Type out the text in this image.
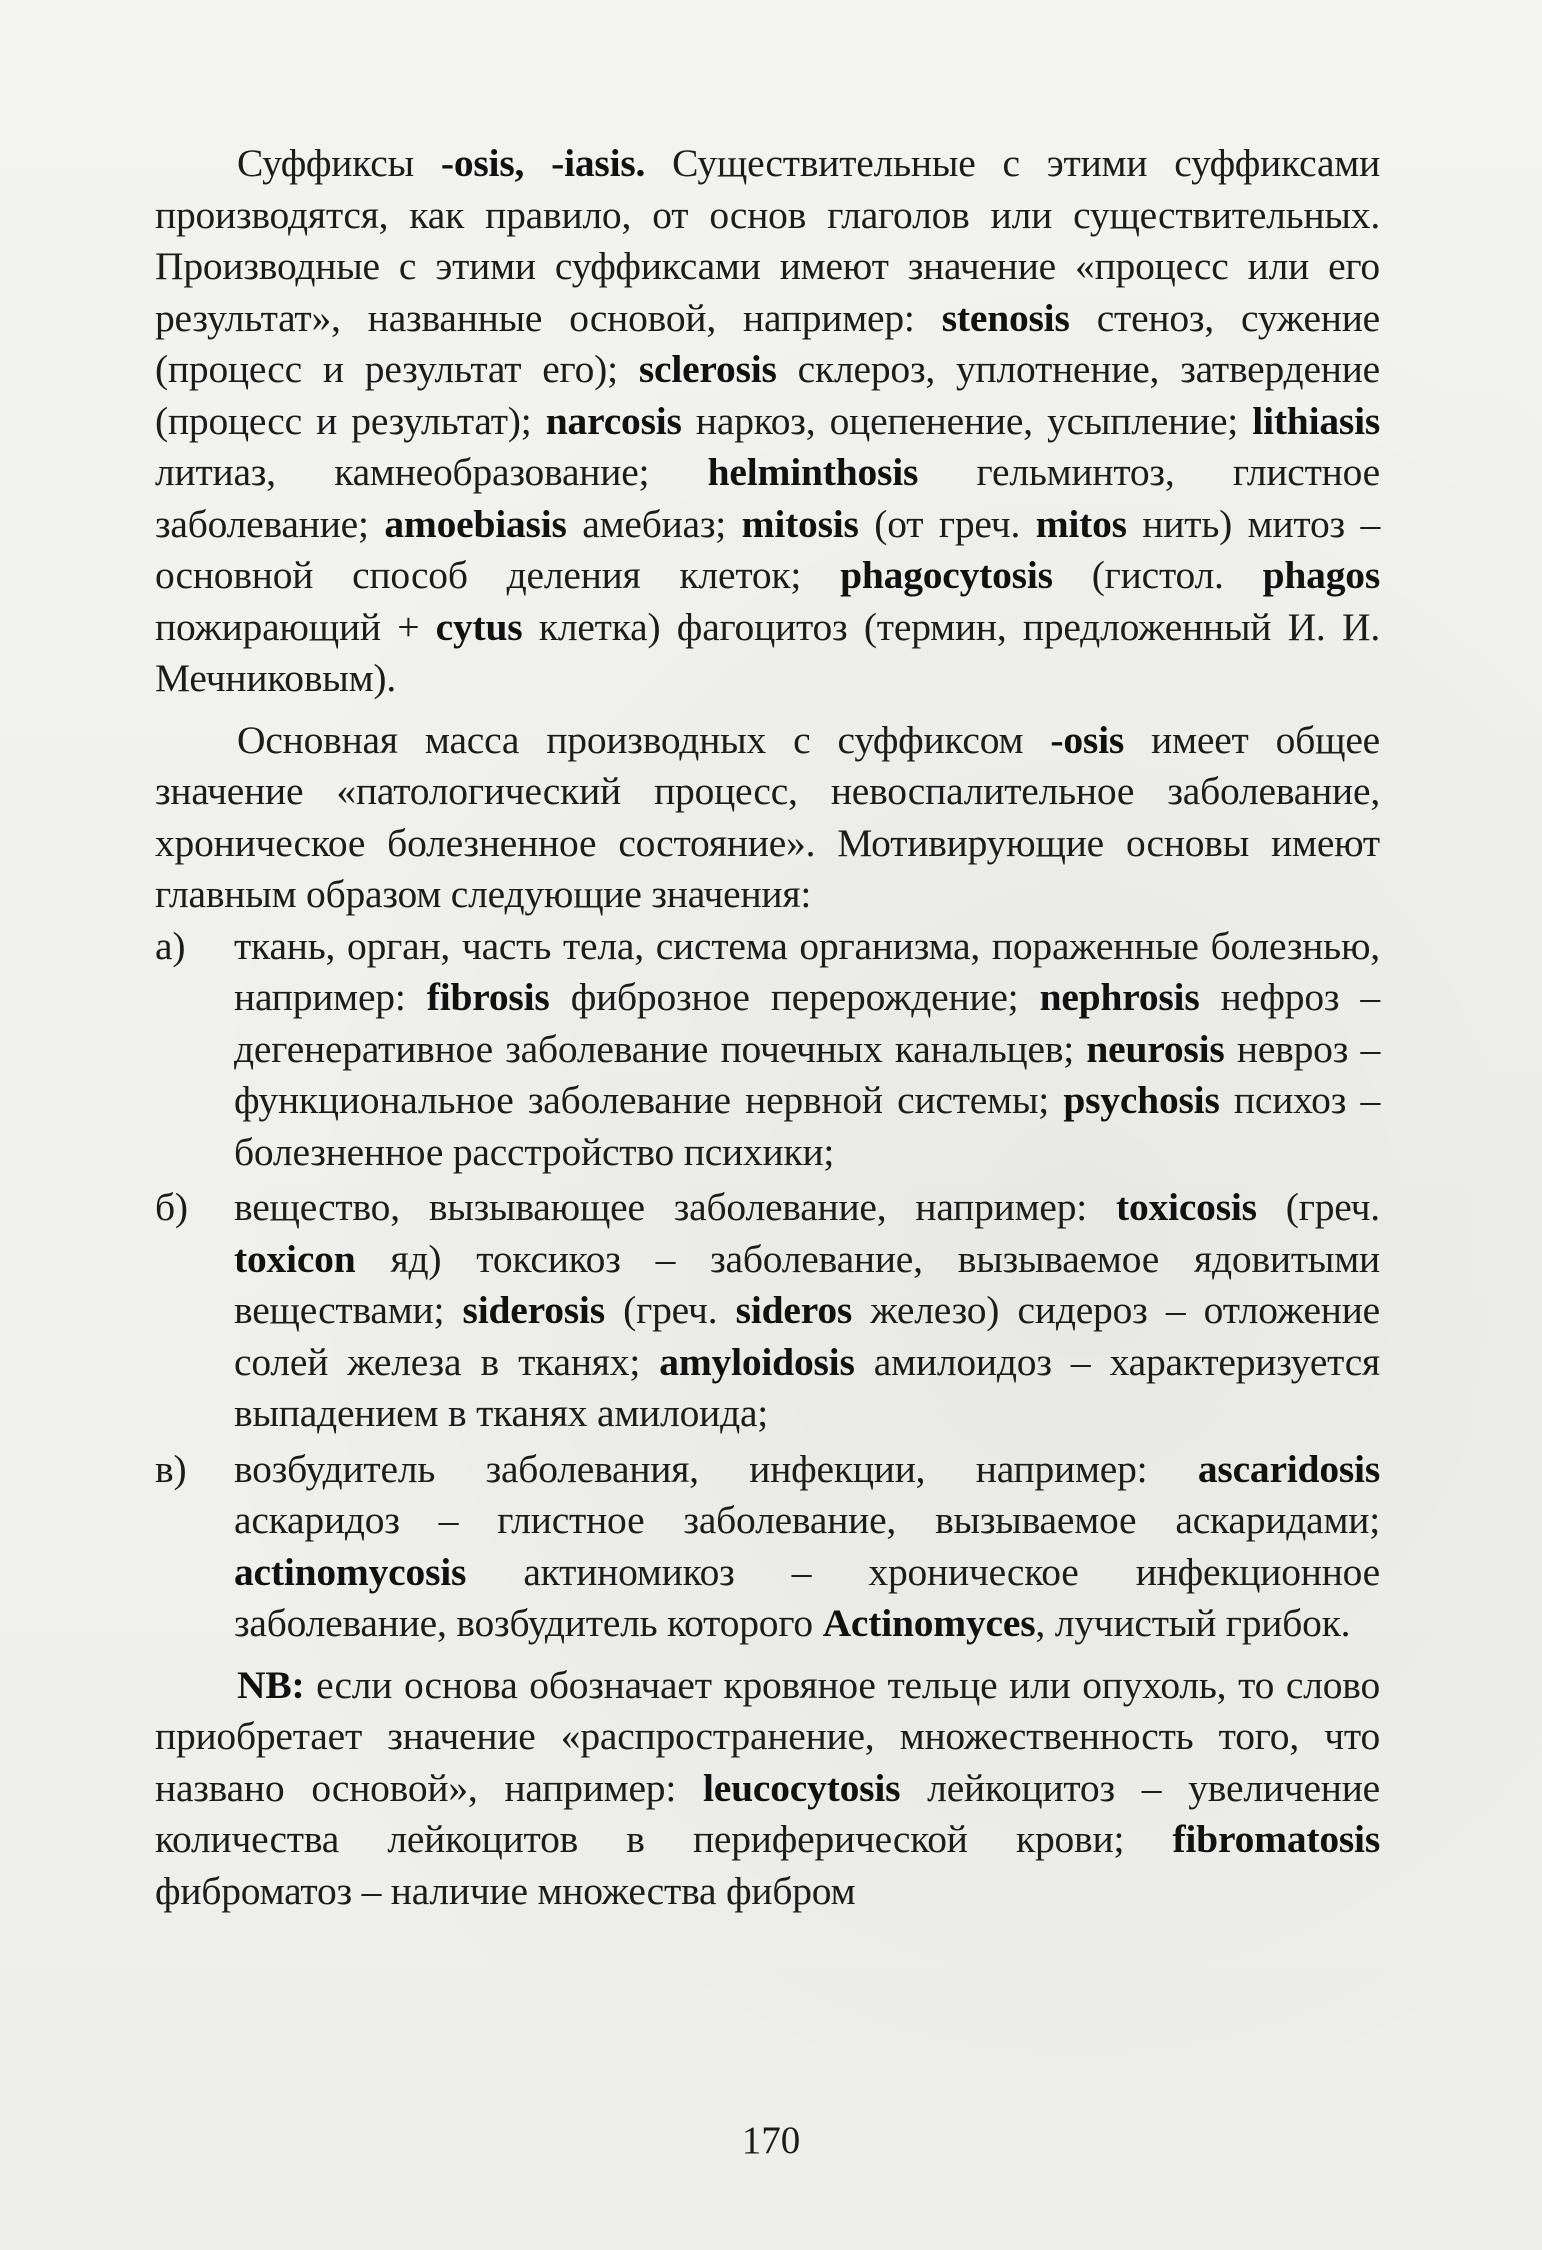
Суффиксы -osis, -iasis. Существительные с этими суффиксами производятся, как правило, от основ глаголов или существительных. Производные с этими суффиксами имеют значение «процесс или его результат», названные основой, например: stenosis стеноз, сужение (процесс и результат его); sclerosis склероз, уплотнение, затвердение (процесс и результат); narcosis наркоз, оцепенение, усыпление; lithiasis литиаз, камнеобразование; helminthosis гельминтоз, глистное заболевание; amoebiasis амебиаз; mitosis (от греч. mitos нить) митоз – основной способ деления клеток; phagocytosis (гистол. phagos пожирающий + cytus клетка) фагоцитоз (термин, предложенный И. И. Мечниковым).

Основная масса производных с суффиксом -osis имеет общее значение «патологический процесс, невоспалительное заболевание, хроническое болезненное состояние». Мотивирующие основы имеют главным образом следующие значения:

а) ткань, орган, часть тела, система организма, пораженные болезнью, например: fibrosis фиброзное перерождение; nephrosis нефроз – дегенеративное заболевание почечных канальцев; neurosis невроз – функциональное заболевание нервной системы; psychosis психоз – болезненное расстройство психики;
б) вещество, вызывающее заболевание, например: toxicosis (греч. toxicon яд) токсикоз – заболевание, вызываемое ядовитыми веществами; siderosis (греч. sideros железо) сидероз – отложение солей железа в тканях; amyloidosis амилоидоз – характеризуется выпадением в тканях амилоида;
в) возбудитель заболевания, инфекции, например: ascaridosis аскаридоз – глистное заболевание, вызываемое аскаридами; actinomycosis актиномикоз – хроническое инфекционное заболевание, возбудитель которого Actinomyces, лучистый грибок.

NB: если основа обозначает кровяное тельце или опухоль, то слово приобретает значение «распространение, множественность того, что названо основой», например: leucocytosis лейкоцитоз – увеличение количества лейкоцитов в периферической крови; fibromatosis фиброматоз – наличие множества фибром

170
